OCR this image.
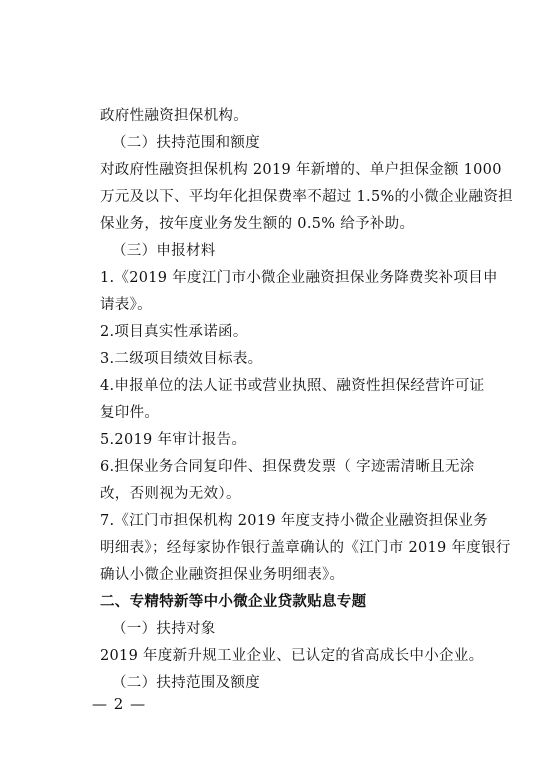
政府性融资担保机构。
（二）扶持范围和额度
对政府性融资担保机构 2019 年新增的、单户担保金额 1000
万元及以下、平均年化担保费率不超过 1.5%的小微企业融资担
保业务，按年度业务发生额的 0.5% 给予补助。
（三）申报材料
1.《2019 年度江门市小微企业融资担保业务降费奖补项目申
请表》。
2.项目真实性承诺函。
3.二级项目绩效目标表。
4.申报单位的法人证书或营业执照、融资性担保经营许可证
复印件。
5.2019 年审计报告。
6.担保业务合同复印件、担保费发票（ 字迹需清晰且无涂
改，否则视为无效）。
7.《江门市担保机构 2019 年度支持小微企业融资担保业务
明细表》；经每家协作银行盖章确认的《江门市 2019 年度银行
确认小微企业融资担保业务明细表》。
二、专精特新等中小微企业贷款贴息专题
（一）扶持对象
2019 年度新升规工业企业、已认定的省高成长中小企业。
（二）扶持范围及额度
— 2 —
